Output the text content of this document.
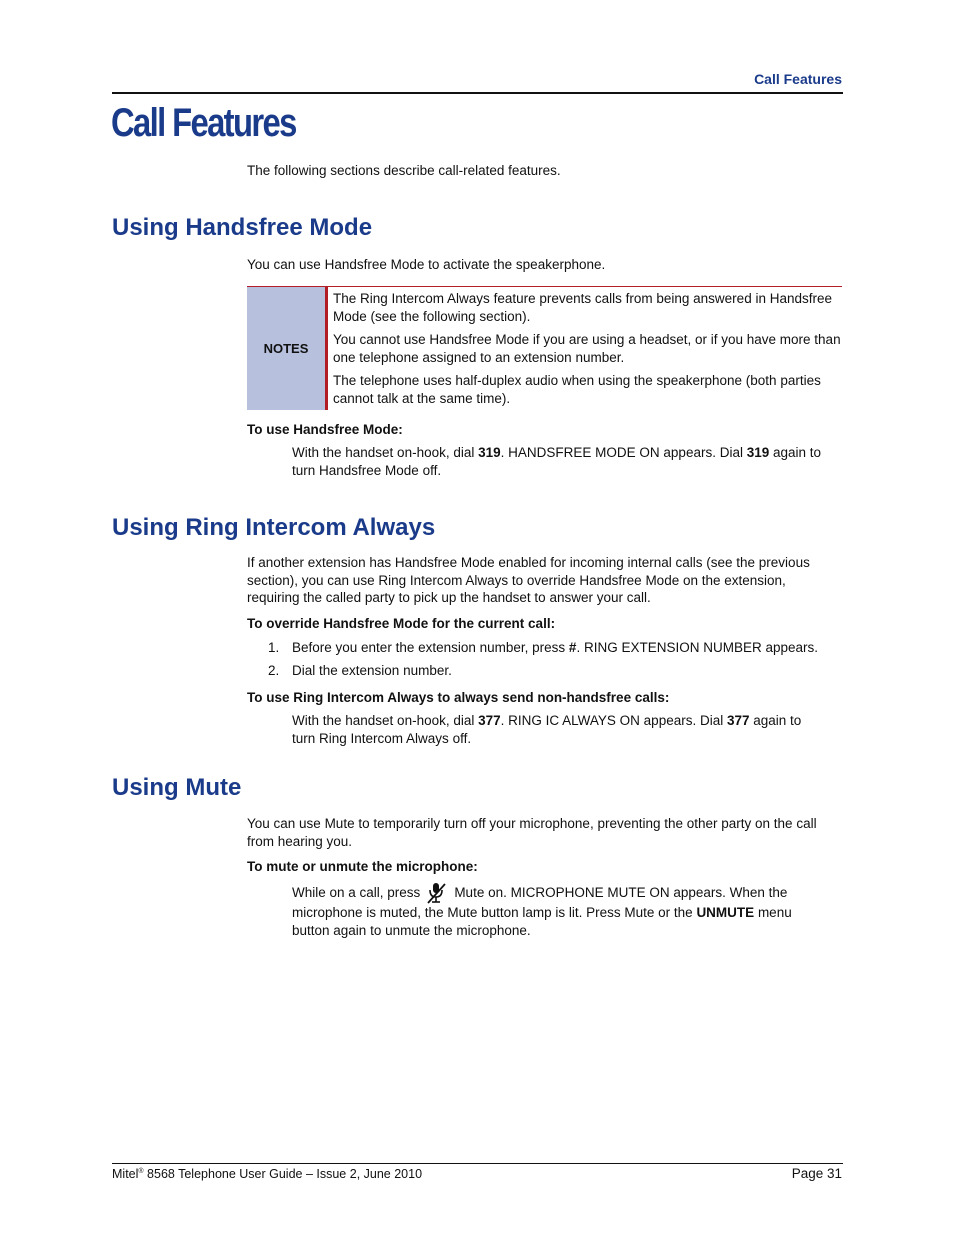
Call Features
Call Features
The following sections describe call-related features.
Using Handsfree Mode
You can use Handsfree Mode to activate the speakerphone.
NOTES

The Ring Intercom Always feature prevents calls from being answered in Handsfree Mode (see the following section).

You cannot use Handsfree Mode if you are using a headset, or if you have more than one telephone assigned to an extension number.

The telephone uses half-duplex audio when using the speakerphone (both parties cannot talk at the same time).

To use Handsfree Mode:
With the handset on-hook, dial 319. HANDSFREE MODE ON appears. Dial 319 again to
turn Handsfree Mode off.
Using Ring Intercom Always
If another extension has Handsfree Mode enabled for incoming internal calls (see the previous
section), you can use Ring Intercom Always to override Handsfree Mode on the extension,
requiring the called party to pick up the handset to answer your call.
To override Handsfree Mode for the current call:
1. Before you enter the extension number, press #. RING EXTENSION NUMBER appears.
2. Dial the extension number.
To use Ring Intercom Always to always send non-handsfree calls:
With the handset on-hook, dial 377. RING IC ALWAYS ON appears. Dial 377 again to
turn Ring Intercom Always off.
Using Mute
You can use Mute to temporarily turn off your microphone, preventing the other party on the call
from hearing you.
To mute or unmute the microphone:
While on a call, press	Mute on. MICROPHONE MUTE ON appears. When the
microphone is muted, the Mute button lamp is lit. Press Mute or the UNMUTE menu
button again to unmute the microphone.
Mitel® 8568 Telephone User Guide – Issue 2, June 2010	Page 31
